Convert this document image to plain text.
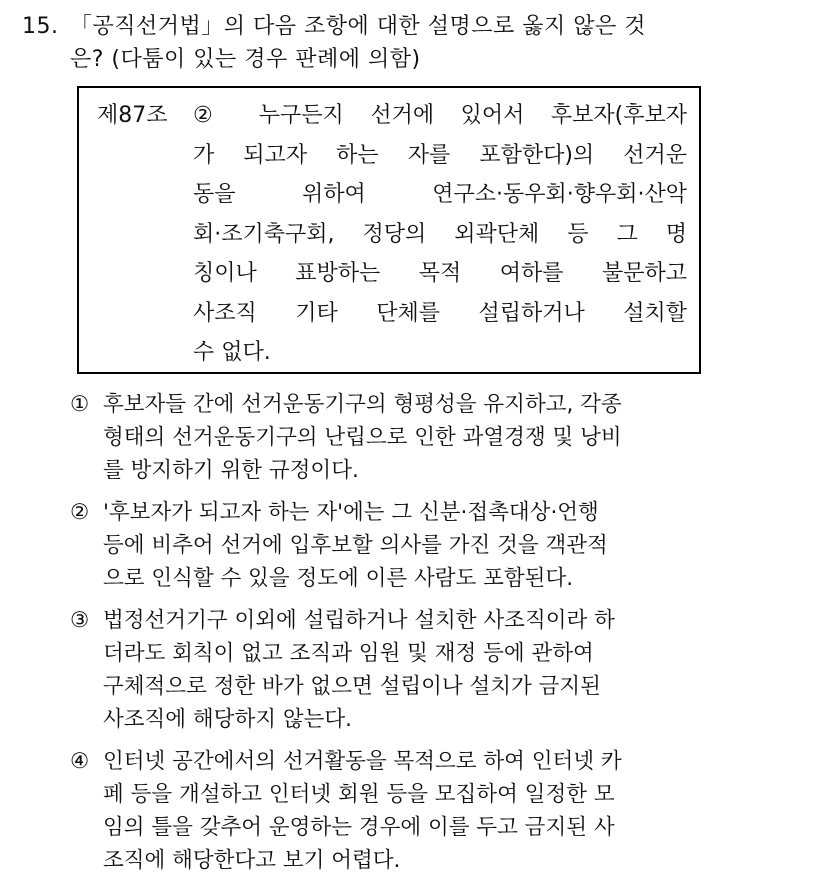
15. 「공직선거법」의 다음 조항에 대한 설명으로 옳지 않은 것
은? (다툼이 있는 경우 판례에 의함)
제87조	② 누구든지 선거에 있어서 후보자(후보자
가 되고자 하는 자를 포함한다)의 선거운
동을 위하여 연구소·동우회·향우회·산악
회·조기축구회, 정당의 외곽단체 등 그 명
칭이나 표방하는 목적 여하를 불문하고
사조직 기타 단체를 설립하거나 설치할
수 없다.
① 후보자들 간에 선거운동기구의 형평성을 유지하고, 각종
형태의 선거운동기구의 난립으로 인한 과열경쟁 및 낭비
를 방지하기 위한 규정이다.
② '후보자가 되고자 하는 자'에는 그 신분·접촉대상·언행
등에 비추어 선거에 입후보할 의사를 가진 것을 객관적
으로 인식할 수 있을 정도에 이른 사람도 포함된다.
③ 법정선거기구 이외에 설립하거나 설치한 사조직이라 하
더라도 회칙이 없고 조직과 임원 및 재정 등에 관하여
구체적으로 정한 바가 없으면 설립이나 설치가 금지된
사조직에 해당하지 않는다.
④ 인터넷 공간에서의 선거활동을 목적으로 하여 인터넷 카
페 등을 개설하고 인터넷 회원 등을 모집하여 일정한 모
임의 틀을 갖추어 운영하는 경우에 이를 두고 금지된 사
조직에 해당한다고 보기 어렵다.
